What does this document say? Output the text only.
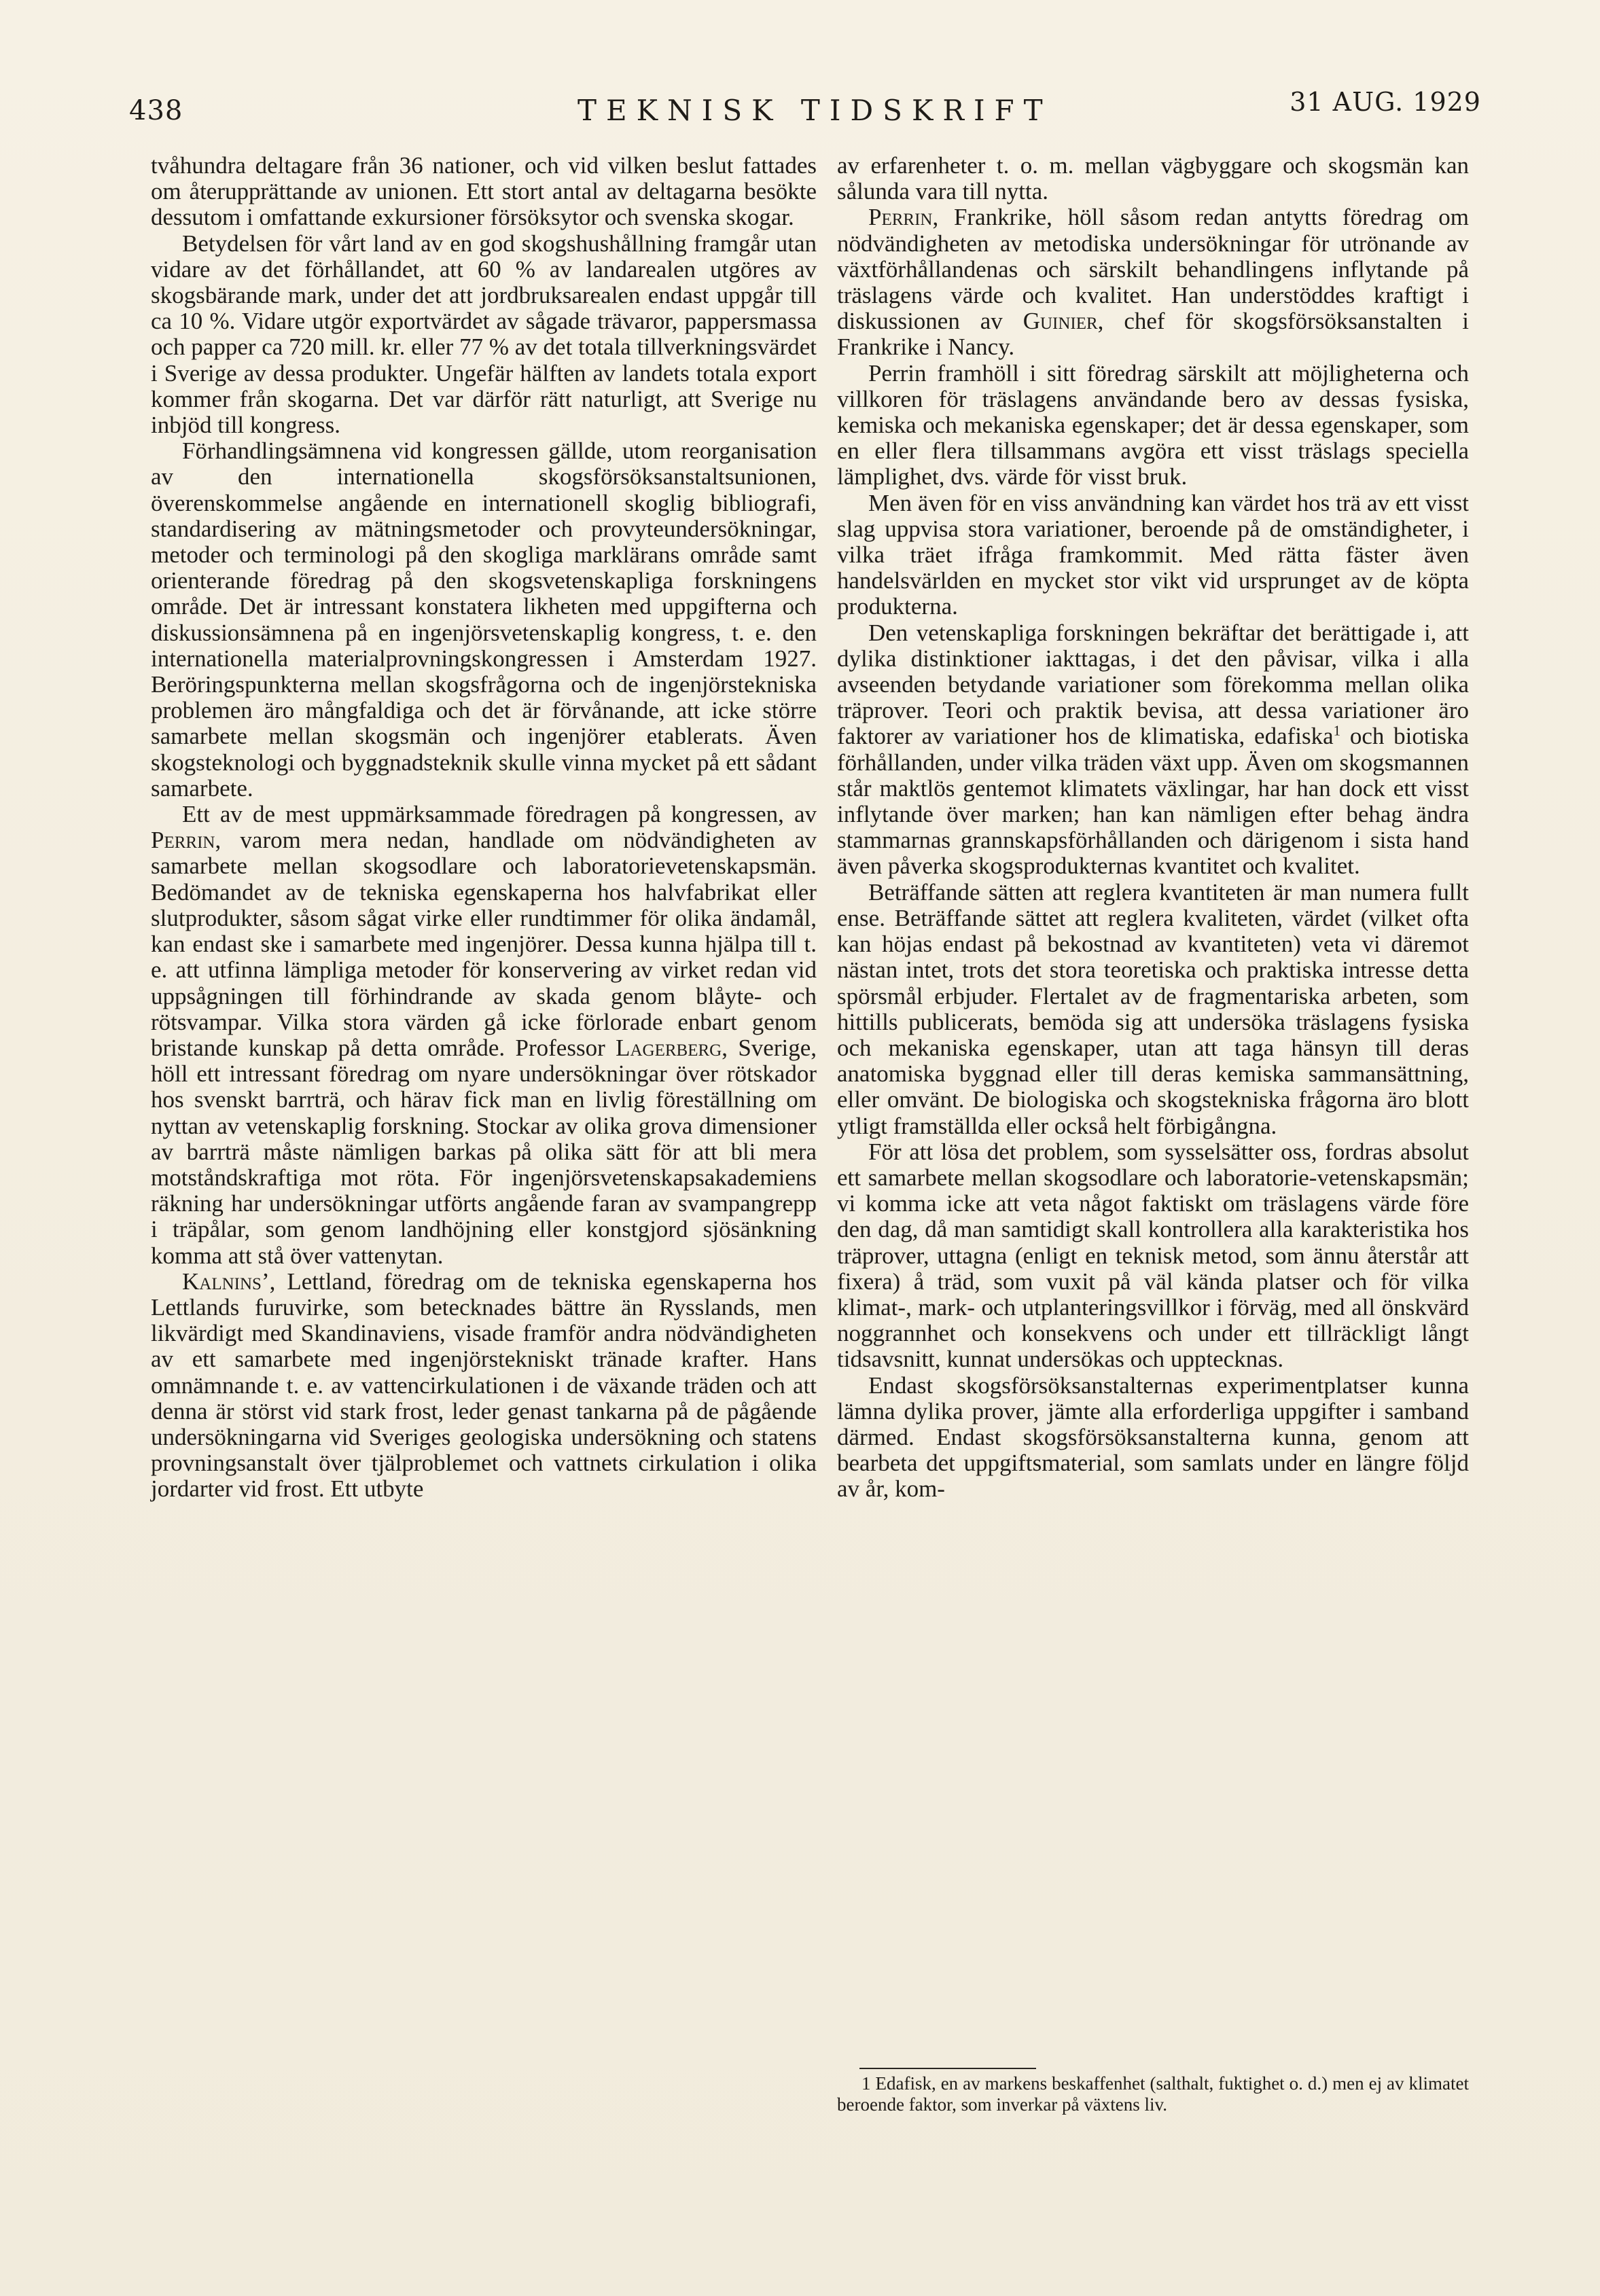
438	TEKNISK TIDSKRIFT	31 AUG. 1929

tvåhundra deltagare från 36 nationer, och vid vilken beslut fattades om återupprättande av unionen. Ett stort antal av deltagarna besökte dessutom i omfattande exkursioner försöksytor och svenska skogar.

Betydelsen för vårt land av en god skogshushållning framgår utan vidare av det förhållandet, att 60 % av landarealen utgöres av skogsbärande mark, under det att jordbruksarealen endast uppgår till ca 10 %. Vidare utgör exportvärdet av sågade trävaror, pappersmassa och papper ca 720 mill. kr. eller 77 % av det totala tillverkningsvärdet i Sverige av dessa produkter. Ungefär hälften av landets totala export kommer från skogarna. Det var därför rätt naturligt, att Sverige nu inbjöd till kongress.

Förhandlingsämnena vid kongressen gällde, utom reorganisation av den internationella skogsförsöksanstaltsunionen, överenskommelse angående en internationell skoglig bibliografi, standardisering av mätningsmetoder och provyteundersökningar, metoder och terminologi på den skogliga marklärans område samt orienterande föredrag på den skogsvetenskapliga forskningens område. Det är intressant konstatera likheten med uppgifterna och diskussionsämnena på en ingenjörsvetenskaplig kongress, t. e. den internationella materialprovningskongressen i Amsterdam 1927. Beröringspunkterna mellan skogsfrågorna och de ingenjörstekniska problemen äro mångfaldiga och det är förvånande, att icke större samarbete mellan skogsmän och ingenjörer etablerats. Även skogsteknologi och byggnadsteknik skulle vinna mycket på ett sådant samarbete.

Ett av de mest uppmärksammade föredragen på kongressen, av Perrin, varom mera nedan, handlade om nödvändigheten av samarbete mellan skogsodlare och laboratorievetenskapsmän. Bedömandet av de tekniska egenskaperna hos halvfabrikat eller slutprodukter, såsom sågat virke eller rundtimmer för olika ändamål, kan endast ske i samarbete med ingenjörer. Dessa kunna hjälpa till t. e. att utfinna lämpliga metoder för konservering av virket redan vid uppsågningen till förhindrande av skada genom blåyte- och rötsvampar. Vilka stora värden gå icke förlorade enbart genom bristande kunskap på detta område. Professor Lagerberg, Sverige, höll ett intressant föredrag om nyare undersökningar över rötskador hos svenskt barrträ, och härav fick man en livlig föreställning om nyttan av vetenskaplig forskning. Stockar av olika grova dimensioner av barrträ måste nämligen barkas på olika sätt för att bli mera motståndskraftiga mot röta. För ingenjörsvetenskapsakademiens räkning har undersökningar utförts angående faran av svampangrepp i träpålar, som genom landhöjning eller konstgjord sjösänkning komma att stå över vattenytan.

Kalnins’, Lettland, föredrag om de tekniska egenskaperna hos Lettlands furuvirke, som betecknades bättre än Rysslands, men likvärdigt med Skandinaviens, visade framför andra nödvändigheten av ett samarbete med ingenjörstekniskt tränade krafter. Hans omnämnande t. e. av vattencirkulationen i de växande träden och att denna är störst vid stark frost, leder genast tankarna på de pågående undersökningarna vid Sveriges geologiska undersökning och statens provningsanstalt över tjälproblemet och vattnets cirkulation i olika jordarter vid frost. Ett utbyte

av erfarenheter t. o. m. mellan vägbyggare och skogsmän kan sålunda vara till nytta.

Perrin, Frankrike, höll såsom redan antytts föredrag om nödvändigheten av metodiska undersökningar för utrönande av växtförhållandenas och särskilt behandlingens inflytande på träslagens värde och kvalitet. Han understöddes kraftigt i diskussionen av Guinier, chef för skogsförsöksanstalten i Frankrike i Nancy.

Perrin framhöll i sitt föredrag särskilt att möjligheterna och villkoren för träslagens användande bero av dessas fysiska, kemiska och mekaniska egenskaper; det är dessa egenskaper, som en eller flera tillsammans avgöra ett visst träslags speciella lämplighet, dvs. värde för visst bruk.

Men även för en viss användning kan värdet hos trä av ett visst slag uppvisa stora variationer, beroende på de omständigheter, i vilka träet ifråga framkommit. Med rätta fäster även handelsvärlden en mycket stor vikt vid ursprunget av de köpta produkterna.

Den vetenskapliga forskningen bekräftar det berättigade i, att dylika distinktioner iakttagas, i det den påvisar, vilka i alla avseenden betydande variationer som förekomma mellan olika träprover. Teori och praktik bevisa, att dessa variationer äro faktorer av variationer hos de klimatiska, edafiska$^1$ och biotiska förhållanden, under vilka träden växt upp. Även om skogsmannen står maktlös gentemot klimatets växlingar, har han dock ett visst inflytande över marken; han kan nämligen efter behag ändra stammarnas grannskapsförhållanden och därigenom i sista hand även påverka skogsprodukternas kvantitet och kvalitet.

Beträffande sätten att reglera kvantiteten är man numera fullt ense. Beträffande sättet att reglera kvaliteten, värdet (vilket ofta kan höjas endast på bekostnad av kvantiteten) veta vi däremot nästan intet, trots det stora teoretiska och praktiska intresse detta spörsmål erbjuder. Flertalet av de fragmentariska arbeten, som hittills publicerats, bemöda sig att undersöka träslagens fysiska och mekaniska egenskaper, utan att taga hänsyn till deras anatomiska byggnad eller till deras kemiska sammansättning, eller omvänt. De biologiska och skogstekniska frågorna äro blott ytligt framställda eller också helt förbigångna.

För att lösa det problem, som sysselsätter oss, fordras absolut ett samarbete mellan skogsodlare och laboratorie-vetenskapsmän; vi komma icke att veta något faktiskt om träslagens värde före den dag, då man samtidigt skall kontrollera alla karakteristika hos träprover, uttagna (enligt en teknisk metod, som ännu återstår att fixera) å träd, som vuxit på väl kända platser och för vilka klimat-, mark- och utplanteringsvillkor i förväg, med all önskvärd noggrannhet och konsekvens och under ett tillräckligt långt tidsavsnitt, kunnat undersökas och upptecknas.

Endast skogsförsöksanstalternas experimentplatser kunna lämna dylika prover, jämte alla erforderliga uppgifter i samband därmed. Endast skogsförsöksanstalterna kunna, genom att bearbeta det uppgiftsmaterial, som samlats under en längre följd av år, kom-

1 Edafisk, en av markens beskaffenhet (salthalt, fuktighet o. d.) men ej av klimatet beroende faktor, som inverkar på växtens liv.
